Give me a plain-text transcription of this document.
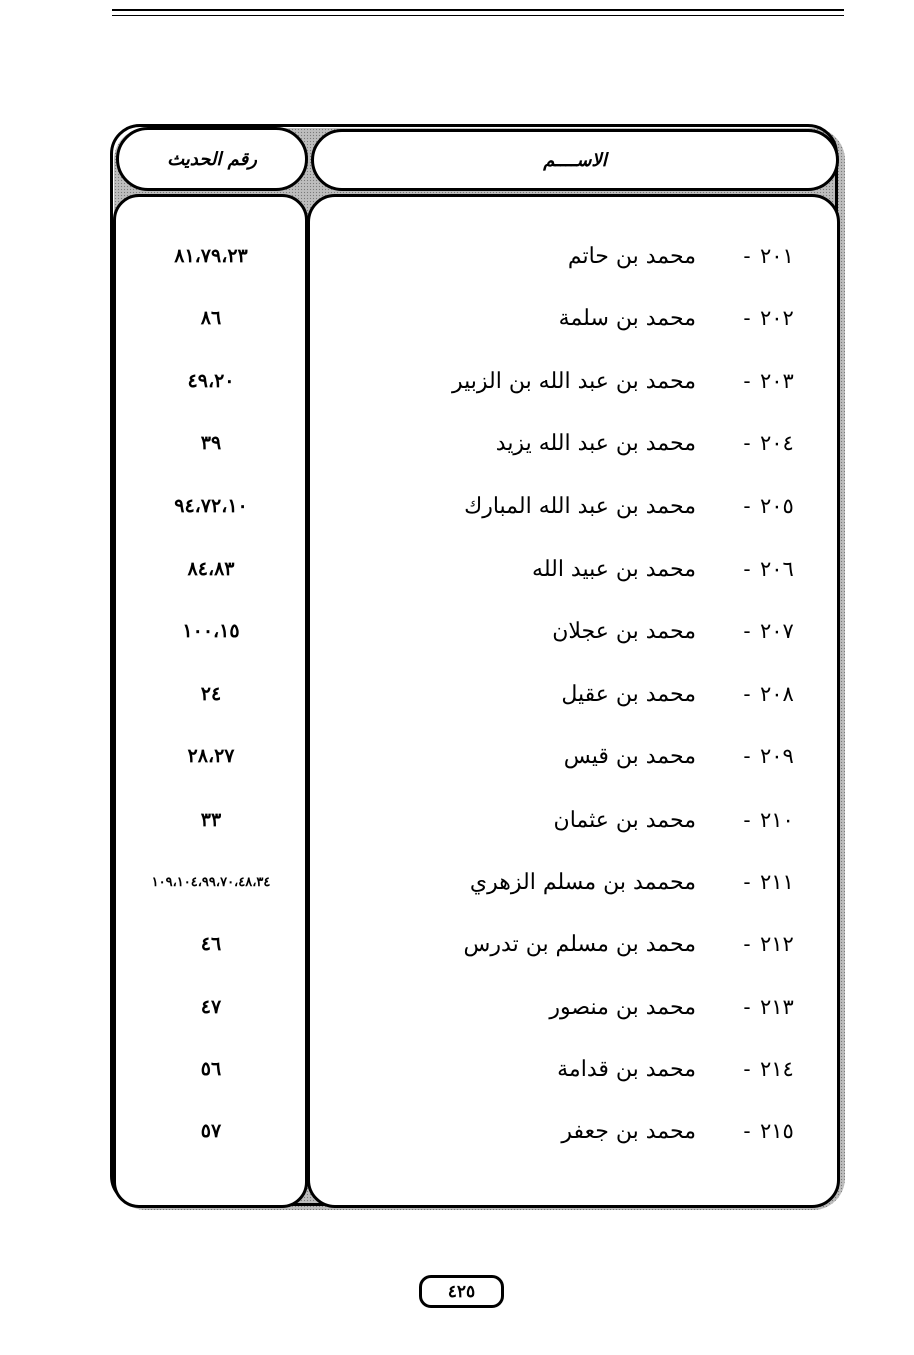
رقم الحديث	الاســــم
٨١،٧٩،٢٣	محمد بن حاتم	- ٢٠١
٨٦	محمد بن سلمة	- ٢٠٢
٤٩،٢٠	محمد بن عبد الله بن الزبير	- ٢٠٣
٣٩	محمد بن عبد الله يزيد	- ٢٠٤
٩٤،٧٢،١٠	محمد بن عبد الله المبارك	- ٢٠٥
٨٤،٨٣	محمد بن عبيد الله	- ٢٠٦
١٠٠،١٥	محمد بن عجلان	- ٢٠٧
٢٤	محمد بن عقيل	- ٢٠٨
٢٨،٢٧	محمد بن قيس	- ٢٠٩
٣٣	محمد بن عثمان	- ٢١٠
١٠٩،١٠٤،٩٩،٧٠،٤٨،٣٤	محممد بن مسلم الزهري	- ٢١١
٤٦	محمد بن مسلم بن تدرس	- ٢١٢
٤٧	محمد بن منصور	- ٢١٣
٥٦	محمد بن قدامة	- ٢١٤
٥٧	محمد بن جعفر	- ٢١٥
٤٢٥
